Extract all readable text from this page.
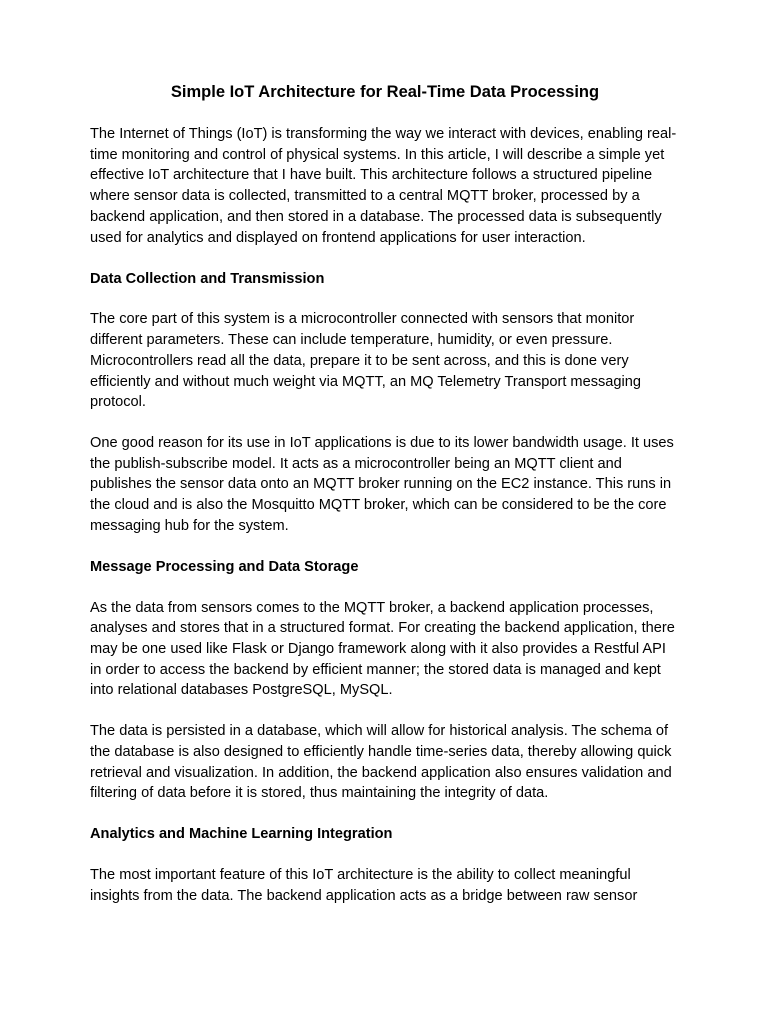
Simple IoT Architecture for Real-Time Data Processing

The Internet of Things (IoT) is transforming the way we interact with devices, enabling real-time monitoring and control of physical systems. In this article, I will describe a simple yet effective IoT architecture that I have built. This architecture follows a structured pipeline where sensor data is collected, transmitted to a central MQTT broker, processed by a backend application, and then stored in a database. The processed data is subsequently used for analytics and displayed on frontend applications for user interaction.

Data Collection and Transmission

The core part of this system is a microcontroller connected with sensors that monitor different parameters. These can include temperature, humidity, or even pressure. Microcontrollers read all the data, prepare it to be sent across, and this is done very efficiently and without much weight via MQTT, an MQ Telemetry Transport messaging protocol.

One good reason for its use in IoT applications is due to its lower bandwidth usage. It uses the publish-subscribe model. It acts as a microcontroller being an MQTT client and publishes the sensor data onto an MQTT broker running on the EC2 instance. This runs in the cloud and is also the Mosquitto MQTT broker, which can be considered to be the core messaging hub for the system.

Message Processing and Data Storage

As the data from sensors comes to the MQTT broker, a backend application processes, analyses and stores that in a structured format. For creating the backend application, there may be one used like Flask or Django framework along with it also provides a Restful API in order to access the backend by efficient manner; the stored data is managed and kept into relational databases PostgreSQL, MySQL.

The data is persisted in a database, which will allow for historical analysis. The schema of the database is also designed to efficiently handle time-series data, thereby allowing quick retrieval and visualization. In addition, the backend application also ensures validation and filtering of data before it is stored, thus maintaining the integrity of data.

Analytics and Machine Learning Integration

The most important feature of this IoT architecture is the ability to collect meaningful insights from the data. The backend application acts as a bridge between raw sensor
